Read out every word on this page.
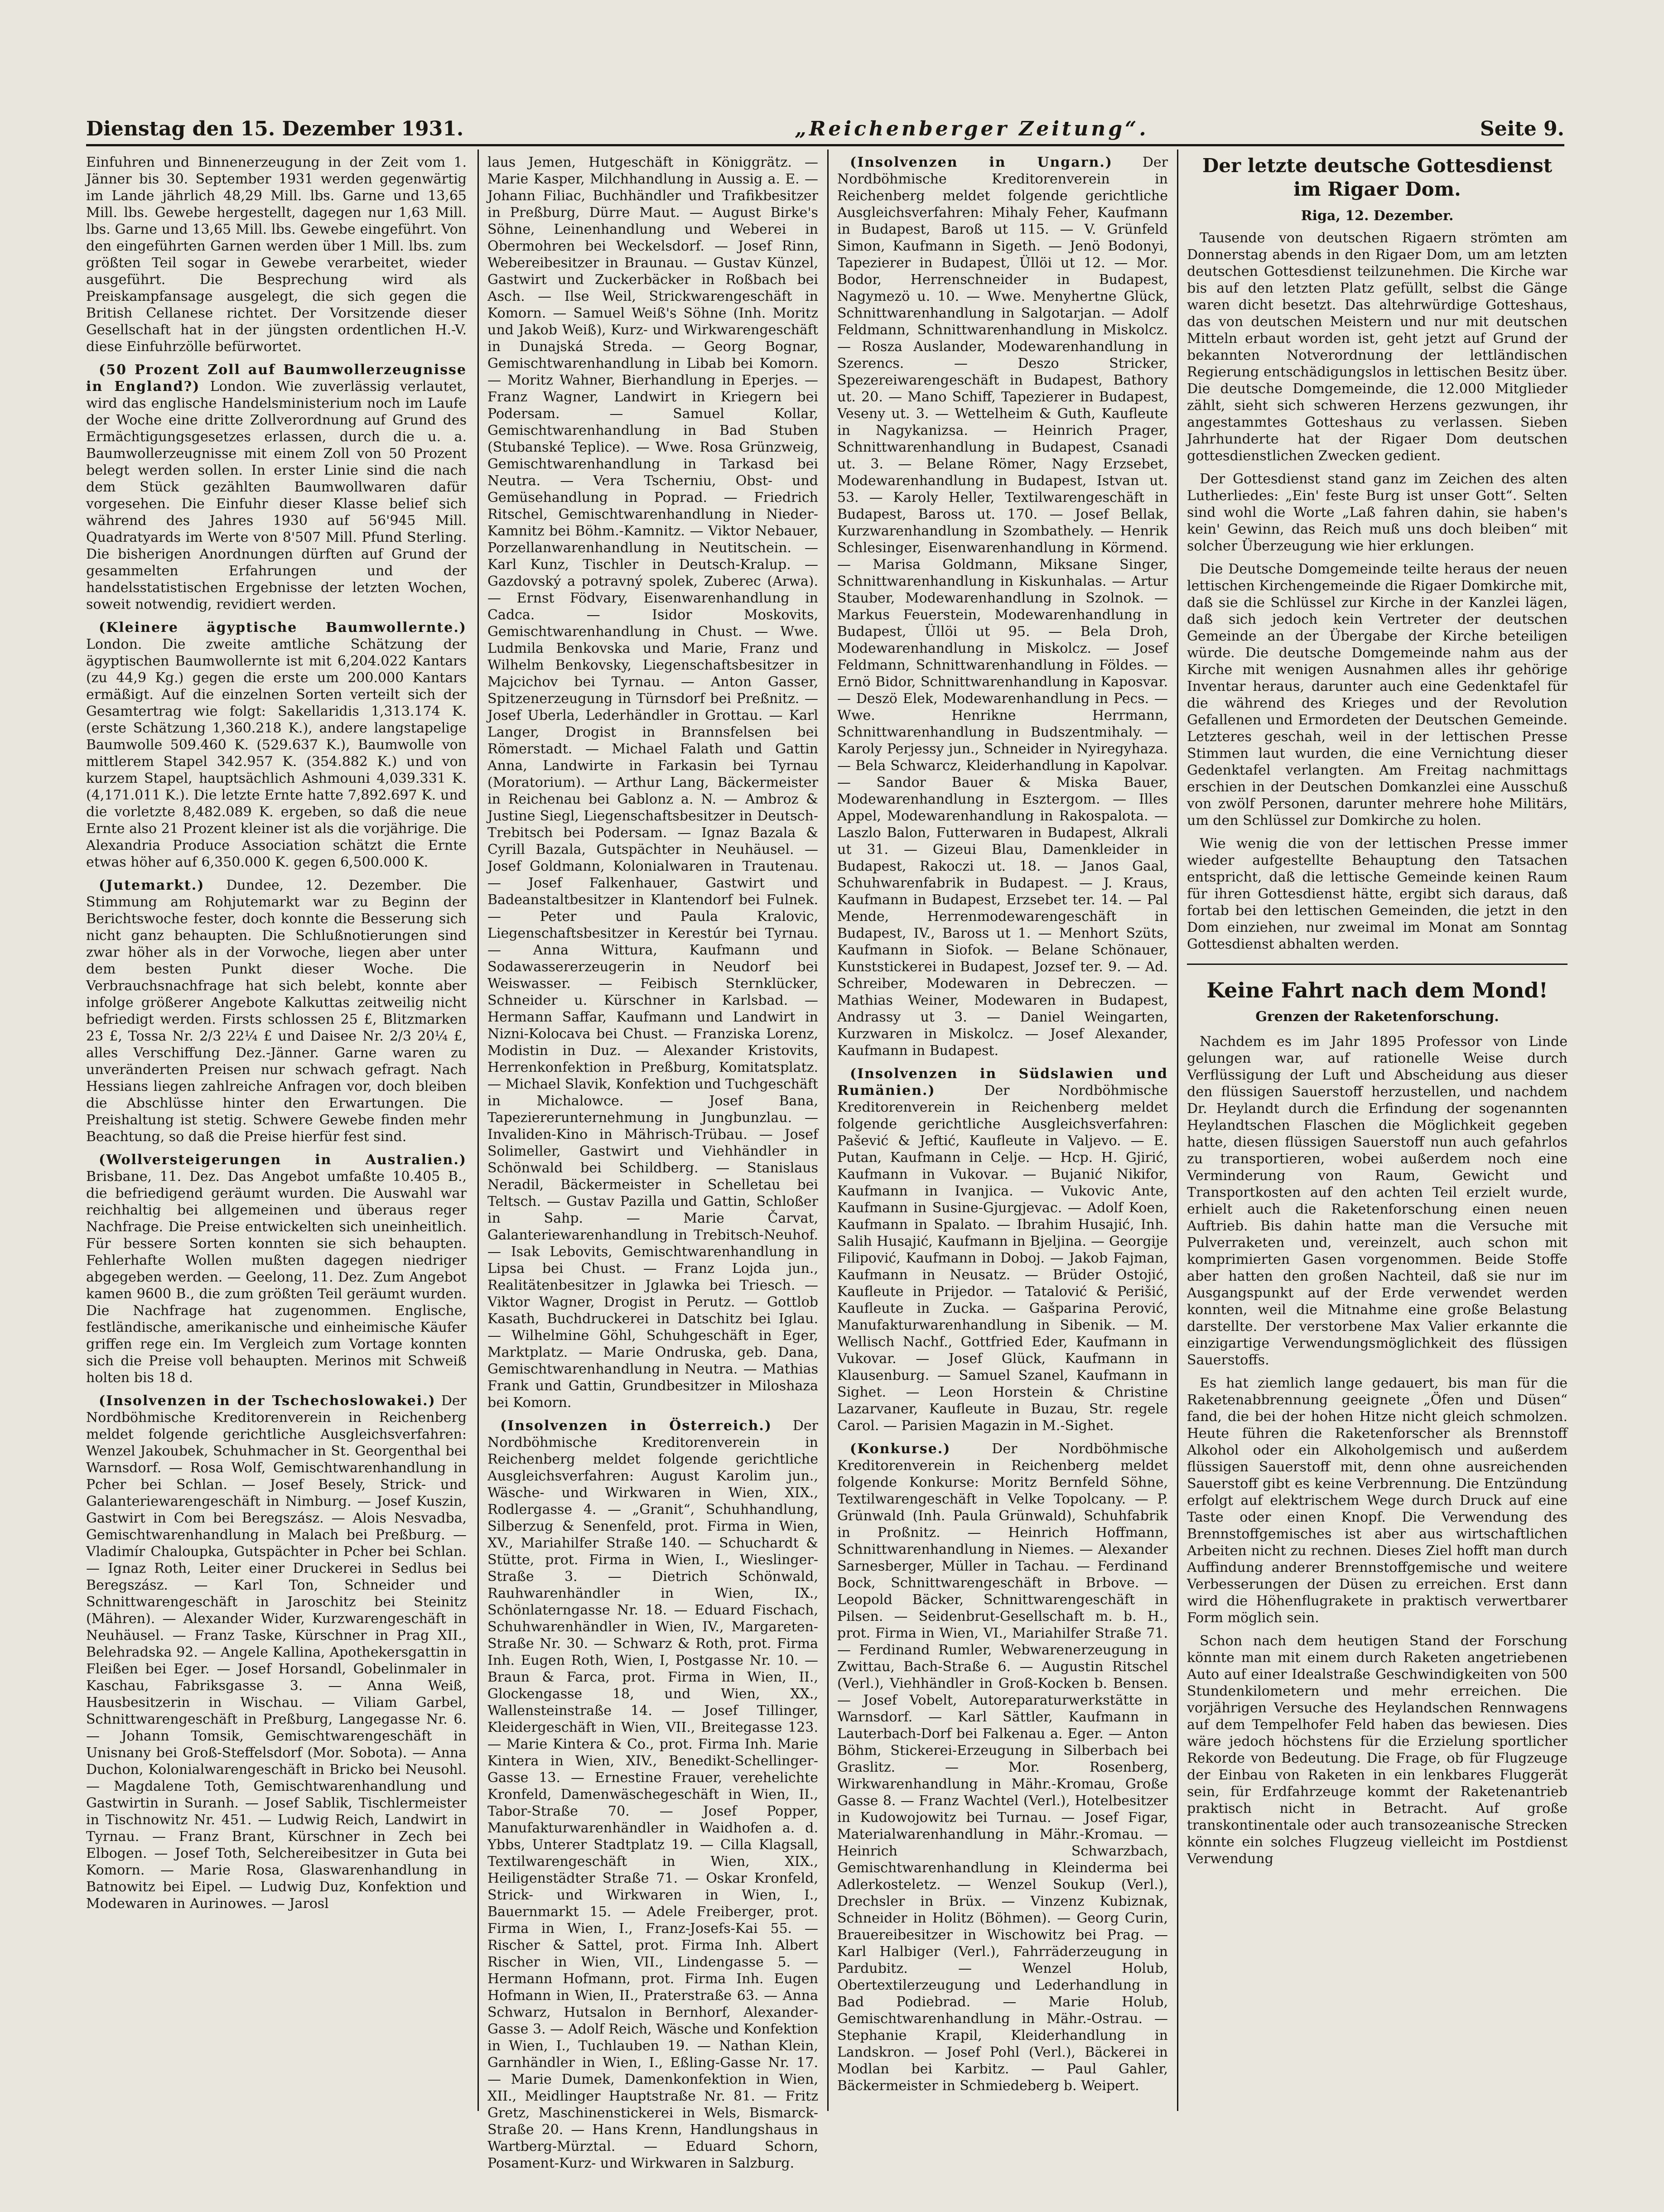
Dienstag den 15. Dezember 1931.	„Reichenberger Zeitung“.	Seite 9.

Einfuhren und Binnenerzeugung in der Zeit vom 1. Jänner bis 30. September 1931 werden gegenwärtig im Lande jährlich 48,29 Mill. lbs. Garne und 13,65 Mill. lbs. Gewebe hergestellt, dagegen nur 1,63 Mill. lbs. Garne und 13,65 Mill. lbs. Gewebe eingeführt. Von den eingeführten Garnen werden über 1 Mill. lbs. zum größten Teil sogar in Gewebe verarbeitet, wieder ausgeführt. Die Besprechung wird als Preiskampfansage ausgelegt, die sich gegen die British Cellanese richtet. Der Vorsitzende dieser Gesellschaft hat in der jüngsten ordentlichen H.-V. diese Einfuhrzölle befürwortet.

(50 Prozent Zoll auf Baumwollerzeugnisse in England?) London. Wie zuverlässig verlautet, wird das englische Handelsministerium noch im Laufe der Woche eine dritte Zollverordnung auf Grund des Ermächtigungsgesetzes erlassen, durch die u. a. Baumwollerzeugnisse mit einem Zoll von 50 Prozent belegt werden sollen. In erster Linie sind die nach dem Stück gezählten Baumwollwaren dafür vorgesehen. Die Einfuhr dieser Klasse belief sich während des Jahres 1930 auf 56'945 Mill. Quadratyards im Werte von 8'507 Mill. Pfund Sterling. Die bisherigen Anordnungen dürften auf Grund der gesammelten Erfahrungen und der handelsstatistischen Ergebnisse der letzten Wochen, soweit notwendig, revidiert werden.

(Kleinere ägyptische Baumwollernte.) London. Die zweite amtliche Schätzung der ägyptischen Baumwollernte ist mit 6,204.022 Kantars (zu 44,9 Kg.) gegen die erste um 200.000 Kantars ermäßigt. Auf die einzelnen Sorten verteilt sich der Gesamtertrag wie folgt: Sakellaridis 1,313.174 K. (erste Schätzung 1,360.218 K.), andere langstapelige Baumwolle 509.460 K. (529.637 K.), Baumwolle von mittlerem Stapel 342.957 K. (354.882 K.) und von kurzem Stapel, hauptsächlich Ashmouni 4,039.331 K. (4,171.011 K.). Die letzte Ernte hatte 7,892.697 K. und die vorletzte 8,482.089 K. ergeben, so daß die neue Ernte also 21 Prozent kleiner ist als die vorjährige. Die Alexandria Produce Association schätzt die Ernte etwas höher auf 6,350.000 K. gegen 6,500.000 K.

(Jutemarkt.) Dundee, 12. Dezember. Die Stimmung am Rohjutemarkt war zu Beginn der Berichtswoche fester, doch konnte die Besserung sich nicht ganz behaupten. Die Schlußnotierungen sind zwar höher als in der Vorwoche, liegen aber unter dem besten Punkt dieser Woche. Die Verbrauchsnachfrage hat sich belebt, konnte aber infolge größerer Angebote Kalkuttas zeitweilig nicht befriedigt werden. Firsts schlossen 25 £, Blitzmarken 23 £, Tossa Nr. 2/3 22¼ £ und Daisee Nr. 2/3 20¼ £, alles Verschiffung Dez.-Jänner. Garne waren zu unveränderten Preisen nur schwach gefragt. Nach Hessians liegen zahlreiche Anfragen vor, doch bleiben die Abschlüsse hinter den Erwartungen. Die Preishaltung ist stetig. Schwere Gewebe finden mehr Beachtung, so daß die Preise hierfür fest sind.

(Wollversteigerungen in Australien.) Brisbane, 11. Dez. Das Angebot umfaßte 10.405 B., die befriedigend geräumt wurden. Die Auswahl war reichhaltig bei allgemeinen und überaus reger Nachfrage. Die Preise entwickelten sich uneinheitlich. Für bessere Sorten konnten sie sich behaupten. Fehlerhafte Wollen mußten dagegen niedriger abgegeben werden. — Geelong, 11. Dez. Zum Angebot kamen 9600 B., die zum größten Teil geräumt wurden. Die Nachfrage hat zugenommen. Englische, festländische, amerikanische und einheimische Käufer griffen rege ein. Im Vergleich zum Vortage konnten sich die Preise voll behaupten. Merinos mit Schweiß holten bis 18 d.

(Insolvenzen in der Tschechoslowakei.) Der Nordböhmische Kreditorenverein in Reichenberg meldet folgende gerichtliche Ausgleichsverfahren: Wenzel Jakoubek, Schuhmacher in St. Georgenthal bei Warnsdorf. — Rosa Wolf, Gemischtwarenhandlung in Pcher bei Schlan. — Josef Besely, Strick- und Galanteriewarengeschäft in Nimburg. — Josef Kuszin, Gastwirt in Com bei Beregszász. — Alois Nesvadba, Gemischtwarenhandlung in Malach bei Preßburg. — Vladimír Chaloupka, Gutspächter in Pcher bei Schlan. — Ignaz Roth, Leiter einer Druckerei in Sedlus bei Beregszász. — Karl Ton, Schneider und Schnittwarengeschäft in Jaroschitz bei Steinitz (Mähren). — Alexander Wider, Kurzwarengeschäft in Neuhäusel. — Franz Taske, Kürschner in Prag XII., Belehradska 92. — Angele Kallina, Apothekersgattin in Fleißen bei Eger. — Josef Horsandl, Gobelinmaler in Kaschau, Fabriksgasse 3. — Anna Weiß, Hausbesitzerin in Wischau. — Viliam Garbel, Schnittwarengeschäft in Preßburg, Langegasse Nr. 6. — Johann Tomsik, Gemischtwarengeschäft in Unisnany bei Groß-Steffelsdorf (Mor. Sobota). — Anna Duchon, Kolonialwarengeschäft in Bricko bei Neusohl. — Magdalene Toth, Gemischtwarenhandlung und Gastwirtin in Suranh. — Josef Sablik, Tischlermeister in Tischnowitz Nr. 451. — Ludwig Reich, Landwirt in Tyrnau. — Franz Brant, Kürschner in Zech bei Elbogen. — Josef Toth, Selchereibesitzer in Guta bei Komorn. — Marie Rosa, Glaswarenhandlung in Batnowitz bei Eipel. — Ludwig Duz, Konfektion und Modewaren in Aurinowes. — Jarosl

laus Jemen, Hutgeschäft in Königgrätz. — Marie Kasper, Milchhandlung in Aussig a. E. — Johann Filiac, Buchhändler und Trafikbesitzer in Preßburg, Dürre Maut. — August Birke's Söhne, Leinenhandlung und Weberei in Obermohren bei Weckelsdorf. — Josef Rinn, Webereibesitzer in Braunau. — Gustav Künzel, Gastwirt und Zuckerbäcker in Roßbach bei Asch. — Ilse Weil, Strickwarengeschäft in Komorn. — Samuel Weiß's Söhne (Inh. Moritz und Jakob Weiß), Kurz- und Wirkwarengeschäft in Dunajská Streda. — Georg Bognar, Gemischtwarenhandlung in Libab bei Komorn. — Moritz Wahner, Bierhandlung in Eperjes. — Franz Wagner, Landwirt in Kriegern bei Podersam. — Samuel Kollar, Gemischtwarenhandlung in Bad Stuben (Stubanské Teplice). — Wwe. Rosa Grünzweig, Gemischtwarenhandlung in Tarkasd bei Neutra. — Vera Tscherniu, Obst- und Gemüsehandlung in Poprad. — Friedrich Ritschel, Gemischtwarenhandlung in Nieder-Kamnitz bei Böhm.-Kamnitz. — Viktor Nebauer, Porzellanwarenhandlung in Neutitschein. — Karl Kunz, Tischler in Deutsch-Kralup. — Gazdovský a potravný spolek, Zuberec (Arwa). — Ernst Födvary, Eisenwarenhandlung in Cadca. — Isidor Moskovits, Gemischtwarenhandlung in Chust. — Wwe. Ludmila Benkovska und Marie, Franz und Wilhelm Benkovsky, Liegenschaftsbesitzer in Majcichov bei Tyrnau. — Anton Gasser, Spitzenerzeugung in Türnsdorf bei Preßnitz. — Josef Uberla, Lederhändler in Grottau. — Karl Langer, Drogist in Brannsfelsen bei Römerstadt. — Michael Falath und Gattin Anna, Landwirte in Farkasin bei Tyrnau (Moratorium). — Arthur Lang, Bäckermeister in Reichenau bei Gablonz a. N. — Ambroz & Justine Siegl, Liegenschaftsbesitzer in Deutsch-Trebitsch bei Podersam. — Ignaz Bazala & Cyrill Bazala, Gutspächter in Neuhäusel. — Josef Goldmann, Kolonialwaren in Trautenau. — Josef Falkenhauer, Gastwirt und Badeanstaltbesitzer in Klantendorf bei Fulnek. — Peter und Paula Kralovic, Liegenschaftsbesitzer in Kerestúr bei Tyrnau. — Anna Wittura, Kaufmann und Sodawassererzeugerin in Neudorf bei Weiswasser. — Feibisch Sternklücker, Schneider u. Kürschner in Karlsbad. — Hermann Saffar, Kaufmann und Landwirt in Nizni-Kolocava bei Chust. — Franziska Lorenz, Modistin in Duz. — Alexander Kristovits, Herrenkonfektion in Preßburg, Komitatsplatz. — Michael Slavik, Konfektion und Tuchgeschäft in Michalowce. — Josef Bana, Tapeziererunternehmung in Jungbunzlau. — Invaliden-Kino in Mährisch-Trübau. — Josef Solimeller, Gastwirt und Viehhändler in Schönwald bei Schildberg. — Stanislaus Neradil, Bäckermeister in Schelletau bei Teltsch. — Gustav Pazilla und Gattin, Schloßer in Sahp. — Marie Čarvat, Galanteriewarenhandlung in Trebitsch-Neuhof. — Isak Lebovits, Gemischtwarenhandlung in Lipsa bei Chust. — Franz Lojda jun., Realitätenbesitzer in Jglawka bei Triesch. — Viktor Wagner, Drogist in Perutz. — Gottlob Kasath, Buchdruckerei in Datschitz bei Iglau. — Wilhelmine Göhl, Schuhgeschäft in Eger, Marktplatz. — Marie Ondruska, geb. Dana, Gemischtwarenhandlung in Neutra. — Mathias Frank und Gattin, Grundbesitzer in Miloshaza bei Komorn.

(Insolvenzen in Österreich.) Der Nordböhmische Kreditorenverein in Reichenberg meldet folgende gerichtliche Ausgleichsverfahren: August Karolim jun., Wäsche- und Wirkwaren in Wien, XIX., Rodlergasse 4. — „Granit“, Schuhhandlung, Silberzug & Senenfeld, prot. Firma in Wien, XV., Mariahilfer Straße 140. — Schuchardt & Stütte, prot. Firma in Wien, I., Wieslinger-Straße 3. — Dietrich Schönwald, Rauhwarenhändler in Wien, IX., Schönlaterngasse Nr. 18. — Eduard Fischach, Schuhwarenhändler in Wien, IV., Margareten-Straße Nr. 30. — Schwarz & Roth, prot. Firma Inh. Eugen Roth, Wien, I, Postgasse Nr. 10. — Braun & Farca, prot. Firma in Wien, II., Glockengasse 18, und Wien, XX., Wallensteinstraße 14. — Josef Tillinger, Kleidergeschäft in Wien, VII., Breitegasse 123. — Marie Kintera & Co., prot. Firma Inh. Marie Kintera in Wien, XIV., Benedikt-Schellinger-Gasse 13. — Ernestine Frauer, verehelichte Kronfeld, Damenwäschegeschäft in Wien, II., Tabor-Straße 70. — Josef Popper, Manufakturwarenhändler in Waidhofen a. d. Ybbs, Unterer Stadtplatz 19. — Cilla Klagsall, Textilwarengeschäft in Wien, XIX., Heiligenstädter Straße 71. — Oskar Kronfeld, Strick- und Wirkwaren in Wien, I., Bauernmarkt 15. — Adele Freiberger, prot. Firma in Wien, I., Franz-Josefs-Kai 55. — Rischer & Sattel, prot. Firma Inh. Albert Rischer in Wien, VII., Lindengasse 5. — Hermann Hofmann, prot. Firma Inh. Eugen Hofmann in Wien, II., Praterstraße 63. — Anna Schwarz, Hutsalon in Bernhorf, Alexander-Gasse 3. — Adolf Reich, Wäsche und Konfektion in Wien, I., Tuchlauben 19. — Nathan Klein, Garnhändler in Wien, I., Eßling-Gasse Nr. 17. — Marie Dumek, Damenkonfektion in Wien, XII., Meidlinger Hauptstraße Nr. 81. — Fritz Gretz, Maschinenstickerei in Wels, Bismarck-Straße 20. — Hans Krenn, Handlungshaus in Wartberg-Mürztal. — Eduard Schorn, Posament-Kurz- und Wirkwaren in Salzburg.

(Insolvenzen in Ungarn.) Der Nordböhmische Kreditorenverein in Reichenberg meldet folgende gerichtliche Ausgleichsverfahren: Mihaly Feher, Kaufmann in Budapest, Baroß ut 115. — V. Grünfeld Simon, Kaufmann in Sigeth. — Jenö Bodonyi, Tapezierer in Budapest, Üllöi ut 12. — Mor. Bodor, Herrenschneider in Budapest, Nagymezö u. 10. — Wwe. Menyhertne Glück, Schnittwarenhandlung in Salgotarjan. — Adolf Feldmann, Schnittwarenhandlung in Miskolcz. — Rosza Auslander, Modewarenhandlung in Szerencs. — Deszo Stricker, Spezereiwarengeschäft in Budapest, Bathory ut. 20. — Mano Schiff, Tapezierer in Budapest, Veseny ut. 3. — Wettelheim & Guth, Kaufleute in Nagykanizsa. — Heinrich Prager, Schnittwarenhandlung in Budapest, Csanadi ut. 3. — Belane Römer, Nagy Erzsebet, Modewarenhandlung in Budapest, Istvan ut. 53. — Karoly Heller, Textilwarengeschäft in Budapest, Baross ut. 170. — Josef Bellak, Kurzwarenhandlung in Szombathely. — Henrik Schlesinger, Eisenwarenhandlung in Körmend. — Marisa Goldmann, Miksane Singer, Schnittwarenhandlung in Kiskunhalas. — Artur Stauber, Modewarenhandlung in Szolnok. — Markus Feuerstein, Modewarenhandlung in Budapest, Üllöi ut 95. — Bela Droh, Modewarenhandlung in Miskolcz. — Josef Feldmann, Schnittwarenhandlung in Földes. — Ernö Bidor, Schnittwarenhandlung in Kaposvar. — Deszö Elek, Modewarenhandlung in Pecs. — Wwe. Henrikne Herrmann, Schnittwarenhandlung in Budszentmihaly. — Karoly Perjessy jun., Schneider in Nyiregyhaza. — Bela Schwarcz, Kleiderhandlung in Kapolvar. — Sandor Bauer & Miska Bauer, Modewarenhandlung in Esztergom. — Illes Appel, Modewarenhandlung in Rakospalota. — Laszlo Balon, Futterwaren in Budapest, Alkrali ut 31. — Gizeui Blau, Damenkleider in Budapest, Rakoczi ut. 18. — Janos Gaal, Schuhwarenfabrik in Budapest. — J. Kraus, Kaufmann in Budapest, Erzsebet ter. 14. — Pal Mende, Herrenmodewarengeschäft in Budapest, IV., Baross ut 1. — Menhort Szüts, Kaufmann in Siofok. — Belane Schönauer, Kunststickerei in Budapest, Jozsef ter. 9. — Ad. Schreiber, Modewaren in Debreczen. — Mathias Weiner, Modewaren in Budapest, Andrassy ut 3. — Daniel Weingarten, Kurzwaren in Miskolcz. — Josef Alexander, Kaufmann in Budapest.

(Insolvenzen in Südslawien und Rumänien.)	Der Nordböhmische Kreditorenverein in Reichenberg meldet folgende gerichtliche Ausgleichsverfahren: Pašević & Jeftić, Kaufleute in Valjevo. — E. Putan, Kaufmann in Celje. — Hcp. H. Gjirić, Kaufmann in Vukovar. — Bujanić Nikifor, Kaufmann in Ivanjica. — Vukovic Ante, Kaufmann in Susine-Gjurgjevac. — Adolf Koen, Kaufmann in Spalato. — Ibrahim Husajić, Inh. Salih Husajić, Kaufmann in Bjeljina. — Georgije Filipović, Kaufmann in Doboj. — Jakob Fajman, Kaufmann in Neusatz. — Brüder Ostojić, Kaufleute in Prijedor. — Tatalović & Perišić, Kaufleute in Zucka. — Gašparina Perović, Manufakturwarenhandlung in Sibenik. — M. Wellisch Nachf., Gottfried Eder, Kaufmann in Vukovar. — Josef Glück, Kaufmann in Klausenburg. — Samuel Szanel, Kaufmann in Sighet. — Leon Horstein & Christine Lazarvaner, Kaufleute in Buzau, Str. regele Carol. — Parisien Magazin in M.-Sighet.

(Konkurse.)	Der Nordböhmische Kreditorenverein in Reichenberg meldet folgende Konkurse: Moritz Bernfeld Söhne, Textilwarengeschäft in Velke Topolcany. — P. Grünwald (Inh. Paula Grünwald), Schuhfabrik in Proßnitz. — Heinrich Hoffmann, Schnittwarenhandlung in Niemes. — Alexander Sarnesberger, Müller in Tachau. — Ferdinand Bock, Schnittwarengeschäft in Brbove. — Leopold Bäcker, Schnittwarengeschäft in Pilsen. — Seidenbrut-Gesellschaft m. b. H., prot. Firma in Wien, VI., Mariahilfer Straße 71. — Ferdinand Rumler, Webwarenerzeugung in Zwittau, Bach-Straße 6. — Augustin Ritschel (Verl.), Viehhändler in Groß-Kocken b. Bensen. — Josef Vobelt, Autoreparaturwerkstätte in Warnsdorf. — Karl Sättler, Kaufmann in Lauterbach-Dorf bei Falkenau a. Eger. — Anton Böhm, Stickerei-Erzeugung in Silberbach bei Graslitz. — Mor. Rosenberg, Wirkwarenhandlung in Mähr.-Kromau, Große Gasse 8. — Franz Wachtel (Verl.), Hotelbesitzer in Kudowojowitz bei Turnau. — Josef Figar, Materialwarenhandlung in Mähr.-Kromau. — Heinrich Schwarzbach, Gemischtwarenhandlung in Kleinderma bei Adlerkosteletz. — Wenzel Soukup (Verl.), Drechsler in Brüx. — Vinzenz Kubiznak, Schneider in Holitz (Böhmen). — Georg Curin, Brauereibesitzer in Wischowitz bei Prag. — Karl Halbiger (Verl.), Fahrräderzeugung in Pardubitz. — Wenzel Holub, Obertextilerzeugung und Lederhandlung in Bad Podiebrad. — Marie Holub, Gemischtwarenhandlung in Mähr.-Ostrau. — Stephanie Krapil, Kleiderhandlung in Landskron. — Josef Pohl (Verl.), Bäckerei in Modlan bei Karbitz. — Paul Gahler, Bäckermeister in Schmiedeberg b. Weipert.

Der letzte deutsche Gottesdienst
im Rigaer Dom.
Riga, 12. Dezember.

Tausende von deutschen Rigaern strömten am Donnerstag abends in den Rigaer Dom, um am letzten deutschen Gottesdienst teilzunehmen. Die Kirche war bis auf den letzten Platz gefüllt, selbst die Gänge waren dicht besetzt. Das altehrwürdige Gotteshaus, das von deutschen Meistern und nur mit deutschen Mitteln erbaut worden ist, geht jetzt auf Grund der bekannten Notverordnung der lettländischen Regierung entschädigungslos in lettischen Besitz über. Die deutsche Domgemeinde, die 12.000 Mitglieder zählt, sieht sich schweren Herzens gezwungen, ihr angestammtes Gotteshaus zu verlassen. Sieben Jahrhunderte hat der Rigaer Dom deutschen gottesdienstlichen Zwecken gedient.

Der Gottesdienst stand ganz im Zeichen des alten Lutherliedes: „Ein' feste Burg ist unser Gott“. Selten sind wohl die Worte „Laß fahren dahin, sie haben's kein' Gewinn, das Reich muß uns doch bleiben“ mit solcher Überzeugung wie hier erklungen.

Die Deutsche Domgemeinde teilte heraus der neuen lettischen Kirchengemeinde die Rigaer Domkirche mit, daß sie die Schlüssel zur Kirche in der Kanzlei lägen, daß sich jedoch kein Vertreter der deutschen Gemeinde an der Übergabe der Kirche beteiligen würde. Die deutsche Domgemeinde nahm aus der Kirche mit wenigen Ausnahmen alles ihr gehörige Inventar heraus, darunter auch eine Gedenktafel für die während des Krieges und der Revolution Gefallenen und Ermordeten der Deutschen Gemeinde. Letzteres geschah, weil in der lettischen Presse Stimmen laut wurden, die eine Vernichtung dieser Gedenktafel verlangten. Am Freitag nachmittags erschien in der Deutschen Domkanzlei eine Ausschuß von zwölf Personen, darunter mehrere hohe Militärs, um den Schlüssel zur Domkirche zu holen.

Wie wenig die von der lettischen Presse immer wieder aufgestellte Behauptung den Tatsachen entspricht, daß die lettische Gemeinde keinen Raum für ihren Gottesdienst hätte, ergibt sich daraus, daß fortab bei den lettischen Gemeinden, die jetzt in den Dom einziehen, nur zweimal im Monat am Sonntag Gottesdienst abhalten werden.

Keine Fahrt nach dem Mond!
Grenzen der Raketenforschung.

Nachdem es im Jahr 1895 Professor von Linde gelungen war, auf rationelle Weise durch Verflüssigung der Luft und Abscheidung aus dieser den flüssigen Sauerstoff herzustellen, und nachdem Dr. Heylandt durch die Erfindung der sogenannten Heylandtschen Flaschen die Möglichkeit gegeben hatte, diesen flüssigen Sauerstoff nun auch gefahrlos zu transportieren, wobei außerdem noch eine Verminderung von Raum, Gewicht und Transportkosten auf den achten Teil erzielt wurde, erhielt auch die Raketenforschung einen neuen Auftrieb. Bis dahin hatte man die Versuche mit Pulverraketen und, vereinzelt, auch schon mit komprimierten Gasen vorgenommen. Beide Stoffe aber hatten den großen Nachteil, daß sie nur im Ausgangspunkt auf der Erde verwendet werden konnten, weil die Mitnahme eine große Belastung darstellte. Der verstorbene Max Valier erkannte die einzigartige Verwendungsmöglichkeit des flüssigen Sauerstoffs.

Es hat ziemlich lange gedauert, bis man für die Raketenabbrennung geeignete „Öfen und Düsen“ fand, die bei der hohen Hitze nicht gleich schmolzen. Heute führen die Raketenforscher als Brennstoff Alkohol oder ein Alkoholgemisch und außerdem flüssigen Sauerstoff mit, denn ohne ausreichenden Sauerstoff gibt es keine Verbrennung. Die Entzündung erfolgt auf elektrischem Wege durch Druck auf eine Taste oder einen Knopf. Die Verwendung des Brennstoffgemisches ist aber aus wirtschaftlichen Arbeiten nicht zu rechnen. Dieses Ziel hofft man durch Auffindung anderer Brennstoffgemische und weitere Verbesserungen der Düsen zu erreichen. Erst dann wird die Höhenflugrakete in praktisch verwertbarer Form möglich sein.

Schon nach dem heutigen Stand der Forschung könnte man mit einem durch Raketen angetriebenen Auto auf einer Idealstraße Geschwindigkeiten von 500 Stundenkilometern und mehr erreichen. Die vorjährigen Versuche des Heylandschen Rennwagens auf dem Tempelhofer Feld haben das bewiesen. Dies wäre jedoch höchstens für die Erzielung sportlicher Rekorde von Bedeutung. Die Frage, ob für Flugzeuge der Einbau von Raketen in ein lenkbares Fluggerät sein, für Erdfahrzeuge kommt der Raketenantrieb praktisch nicht in Betracht. Auf große transkontinentale oder auch transozeanische Strecken könnte ein solches Flugzeug vielleicht im Postdienst Verwendung
